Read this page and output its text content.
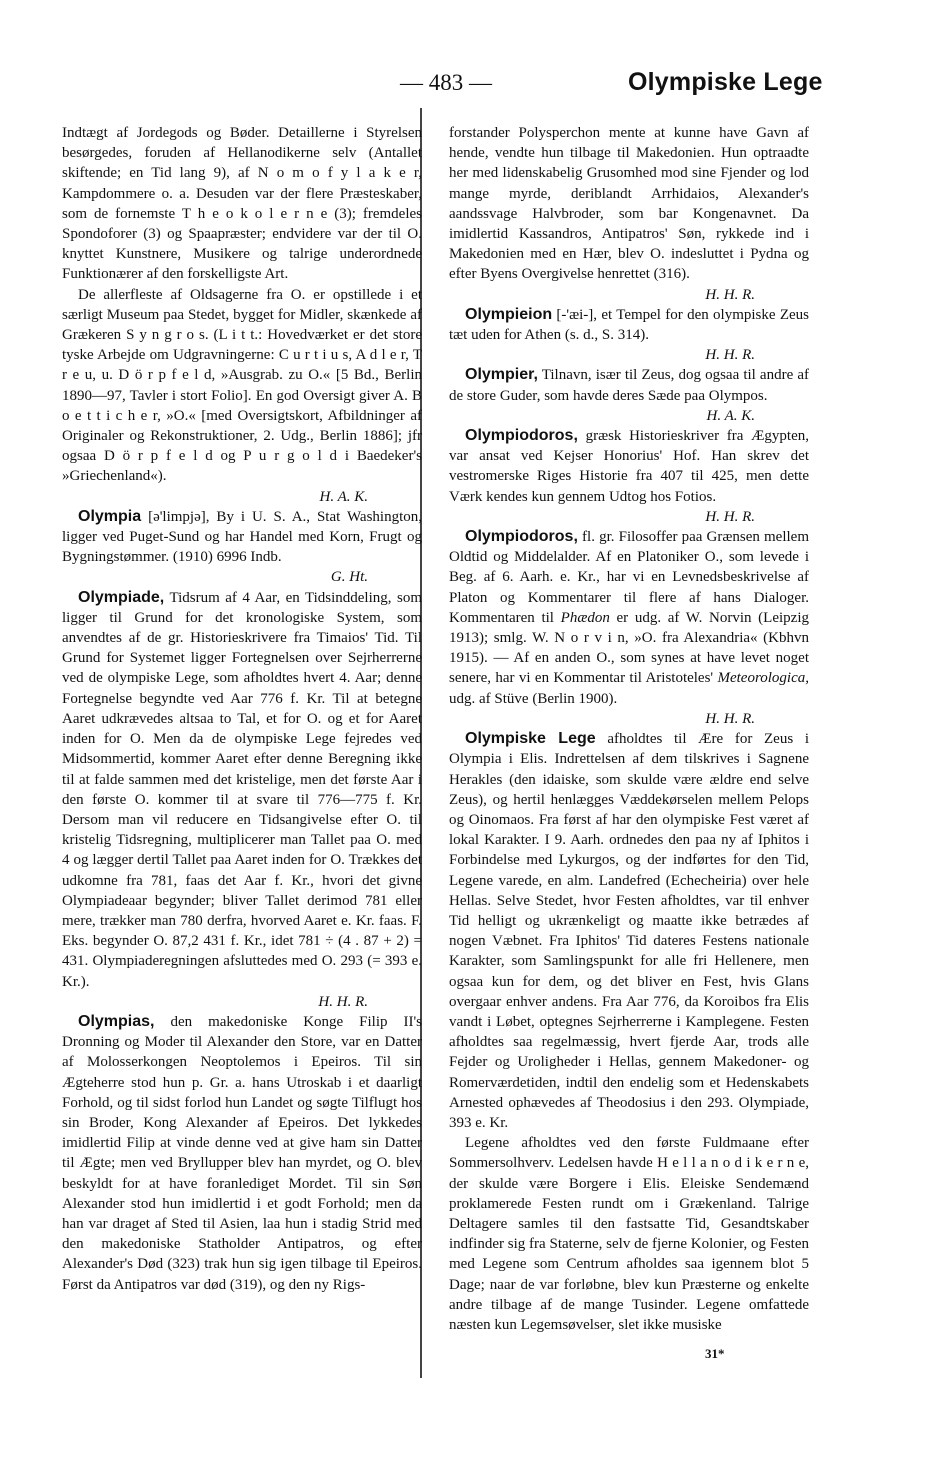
— 483 —	Olympiske Lege

Indtægt af Jordegods og Bøder. Detaillerne i Styrelsen besørgedes, foruden af Hellanodikerne selv (Antallet skiftende; en Tid lang 9), af N o m o f y l a k e r, Kampdommere o. a. Desuden var der flere Præsteskaber, som de fornemste T h e o k o l e r n e (3); fremdeles Spondoforer (3) og Spaapræster; endvidere var der til O. knyttet Kunstnere, Musikere og talrige underordnede Funktionærer af den forskelligste Art.

De allerfleste af Oldsagerne fra O. er opstillede i et særligt Museum paa Stedet, bygget for Midler, skænkede af Grækeren S y n g r o s. (L i t t.: Hovedværket er det store tyske Arbejde om Udgravningerne: C u r t i u s, A d l e r, T r e u, u. D ö r p f e l d, »Ausgrab. zu O.« [5 Bd., Berlin 1890—97, Tavler i stort Folio]. En god Oversigt giver A. B o e t t i c h e r, »O.« [med Oversigtskort, Afbildninger af Originaler og Rekonstruktioner, 2. Udg., Berlin 1886]; jfr ogsaa D ö r p f e l d og P u r g o l d i Baedeker's »Griechenland«).

H. A. K.

Olympia [ə'limpjə], By i U. S. A., Stat Washington, ligger ved Puget-Sund og har Handel med Korn, Frugt og Bygningstømmer. (1910) 6996 Indb.

G. Ht.

Olympiade, Tidsrum af 4 Aar, en Tidsinddeling, som ligger til Grund for det kronologiske System, som anvendtes af de gr. Historieskrivere fra Timaios' Tid. Til Grund for Systemet ligger Fortegnelsen over Sejrherrerne ved de olympiske Lege, som afholdtes hvert 4. Aar; denne Fortegnelse begyndte ved Aar 776 f. Kr. Til at betegne Aaret udkrævedes altsaa to Tal, et for O. og et for Aaret inden for O. Men da de olympiske Lege fejredes ved Midsommertid, kommer Aaret efter denne Beregning ikke til at falde sammen med det kristelige, men det første Aar i den første O. kommer til at svare til 776—775 f. Kr. Dersom man vil reducere en Tidsangivelse efter O. til kristelig Tidsregning, multiplicerer man Tallet paa O. med 4 og lægger dertil Tallet paa Aaret inden for O. Trækkes det udkomne fra 781, faas det Aar f. Kr., hvori det givne Olympiadeaar begynder; bliver Tallet derimod 781 eller mere, trækker man 780 derfra, hvorved Aaret e. Kr. faas. F. Eks. begynder O. 87,2 431 f. Kr., idet 781 ÷ (4 . 87 + 2) = 431. Olympiaderegningen afsluttedes med O. 293 (= 393 e. Kr.).

H. H. R.

Olympias, den makedoniske Konge Filip II's Dronning og Moder til Alexander den Store, var en Datter af Molosserkongen Neoptolemos i Epeiros. Til sin Ægteherre stod hun p. Gr. a. hans Utroskab i et daarligt Forhold, og til sidst forlod hun Landet og søgte Tilflugt hos sin Broder, Kong Alexander af Epeiros. Det lykkedes imidlertid Filip at vinde denne ved at give ham sin Datter til Ægte; men ved Bryllupper blev han myrdet, og O. blev beskyldt for at have foranlediget Mordet. Til sin Søn Alexander stod hun imidlertid i et godt Forhold; men da han var draget af Sted til Asien, laa hun i stadig Strid med den makedoniske Statholder Antipatros, og efter Alexander's Død (323) trak hun sig igen tilbage til Epeiros. Først da Antipatros var død (319), og den ny Rigs-

forstander Polysperchon mente at kunne have Gavn af hende, vendte hun tilbage til Makedonien. Hun optraadte her med lidenskabelig Grusomhed mod sine Fjender og lod mange myrde, deriblandt Arrhidaios, Alexander's aandssvage Halvbroder, som bar Kongenavnet. Da imidlertid Kassandros, Antipatros' Søn, rykkede ind i Makedonien med en Hær, blev O. indesluttet i Pydna og efter Byens Overgivelse henrettet (316).

H. H. R.

Olympieion [-'æi-], et Tempel for den olympiske Zeus tæt uden for Athen (s. d., S. 314).

H. H. R.

Olympier, Tilnavn, især til Zeus, dog ogsaa til andre af de store Guder, som havde deres Sæde paa Olympos.

H. A. K.

Olympiodoros, græsk Historieskriver fra Ægypten, var ansat ved Kejser Honorius' Hof. Han skrev det vestromerske Riges Historie fra 407 til 425, men dette Værk kendes kun gennem Udtog hos Fotios.

H. H. R.

Olympiodoros, fl. gr. Filosoffer paa Grænsen mellem Oldtid og Middelalder. Af en Platoniker O., som levede i Beg. af 6. Aarh. e. Kr., har vi en Levnedsbeskrivelse af Platon og Kommentarer til flere af hans Dialoger. Kommentaren til Phædon er udg. af W. Norvin (Leipzig 1913); smlg. W. N o r v i n, »O. fra Alexandria« (Kbhvn 1915). — Af en anden O., som synes at have levet noget senere, har vi en Kommentar til Aristoteles' Meteorologica, udg. af Stüve (Berlin 1900).

H. H. R.

Olympiske Lege afholdtes til Ære for Zeus i Olympia i Elis. Indrettelsen af dem tilskrives i Sagnene Herakles (den idaiske, som skulde være ældre end selve Zeus), og hertil henlægges Væddekørselen mellem Pelops og Oinomaos. Fra først af har den olympiske Fest været af lokal Karakter. I 9. Aarh. ordnedes den paa ny af Iphitos i Forbindelse med Lykurgos, og der indførtes for den Tid, Legene varede, en alm. Landefred (Echecheiria) over hele Hellas. Selve Stedet, hvor Festen afholdtes, var til enhver Tid helligt og ukrænkeligt og maatte ikke betrædes af nogen Væbnet. Fra Iphitos' Tid dateres Festens nationale Karakter, som Samlingspunkt for alle fri Hellenere, men ogsaa kun for dem, og det bliver en Fest, hvis Glans overgaar enhver andens. Fra Aar 776, da Koroibos fra Elis vandt i Løbet, optegnes Sejrherrerne i Kamplegene. Festen afholdtes saa regelmæssig, hvert fjerde Aar, trods alle Fejder og Uroligheder i Hellas, gennem Makedoner- og Romerværdetiden, indtil den endelig som et Hedenskabets Arnested ophævedes af Theodosius i den 293. Olympiade, 393 e. Kr.

Legene afholdtes ved den første Fuldmaane efter Sommersolhverv. Ledelsen havde H e l l a n o d i k e r n e, der skulde være Borgere i Elis. Eleiske Sendemænd proklamerede Festen rundt om i Grækenland. Talrige Deltagere samles til den fastsatte Tid, Gesandtskaber indfinder sig fra Staterne, selv de fjerne Kolonier, og Festen med Legene som Centrum afholdes saa igennem blot 5 Dage; naar de var forløbne, blev kun Præsterne og enkelte andre tilbage af de mange Tusinder. Legene omfattede næsten kun Legemsøvelser, slet ikke musiske

31*
